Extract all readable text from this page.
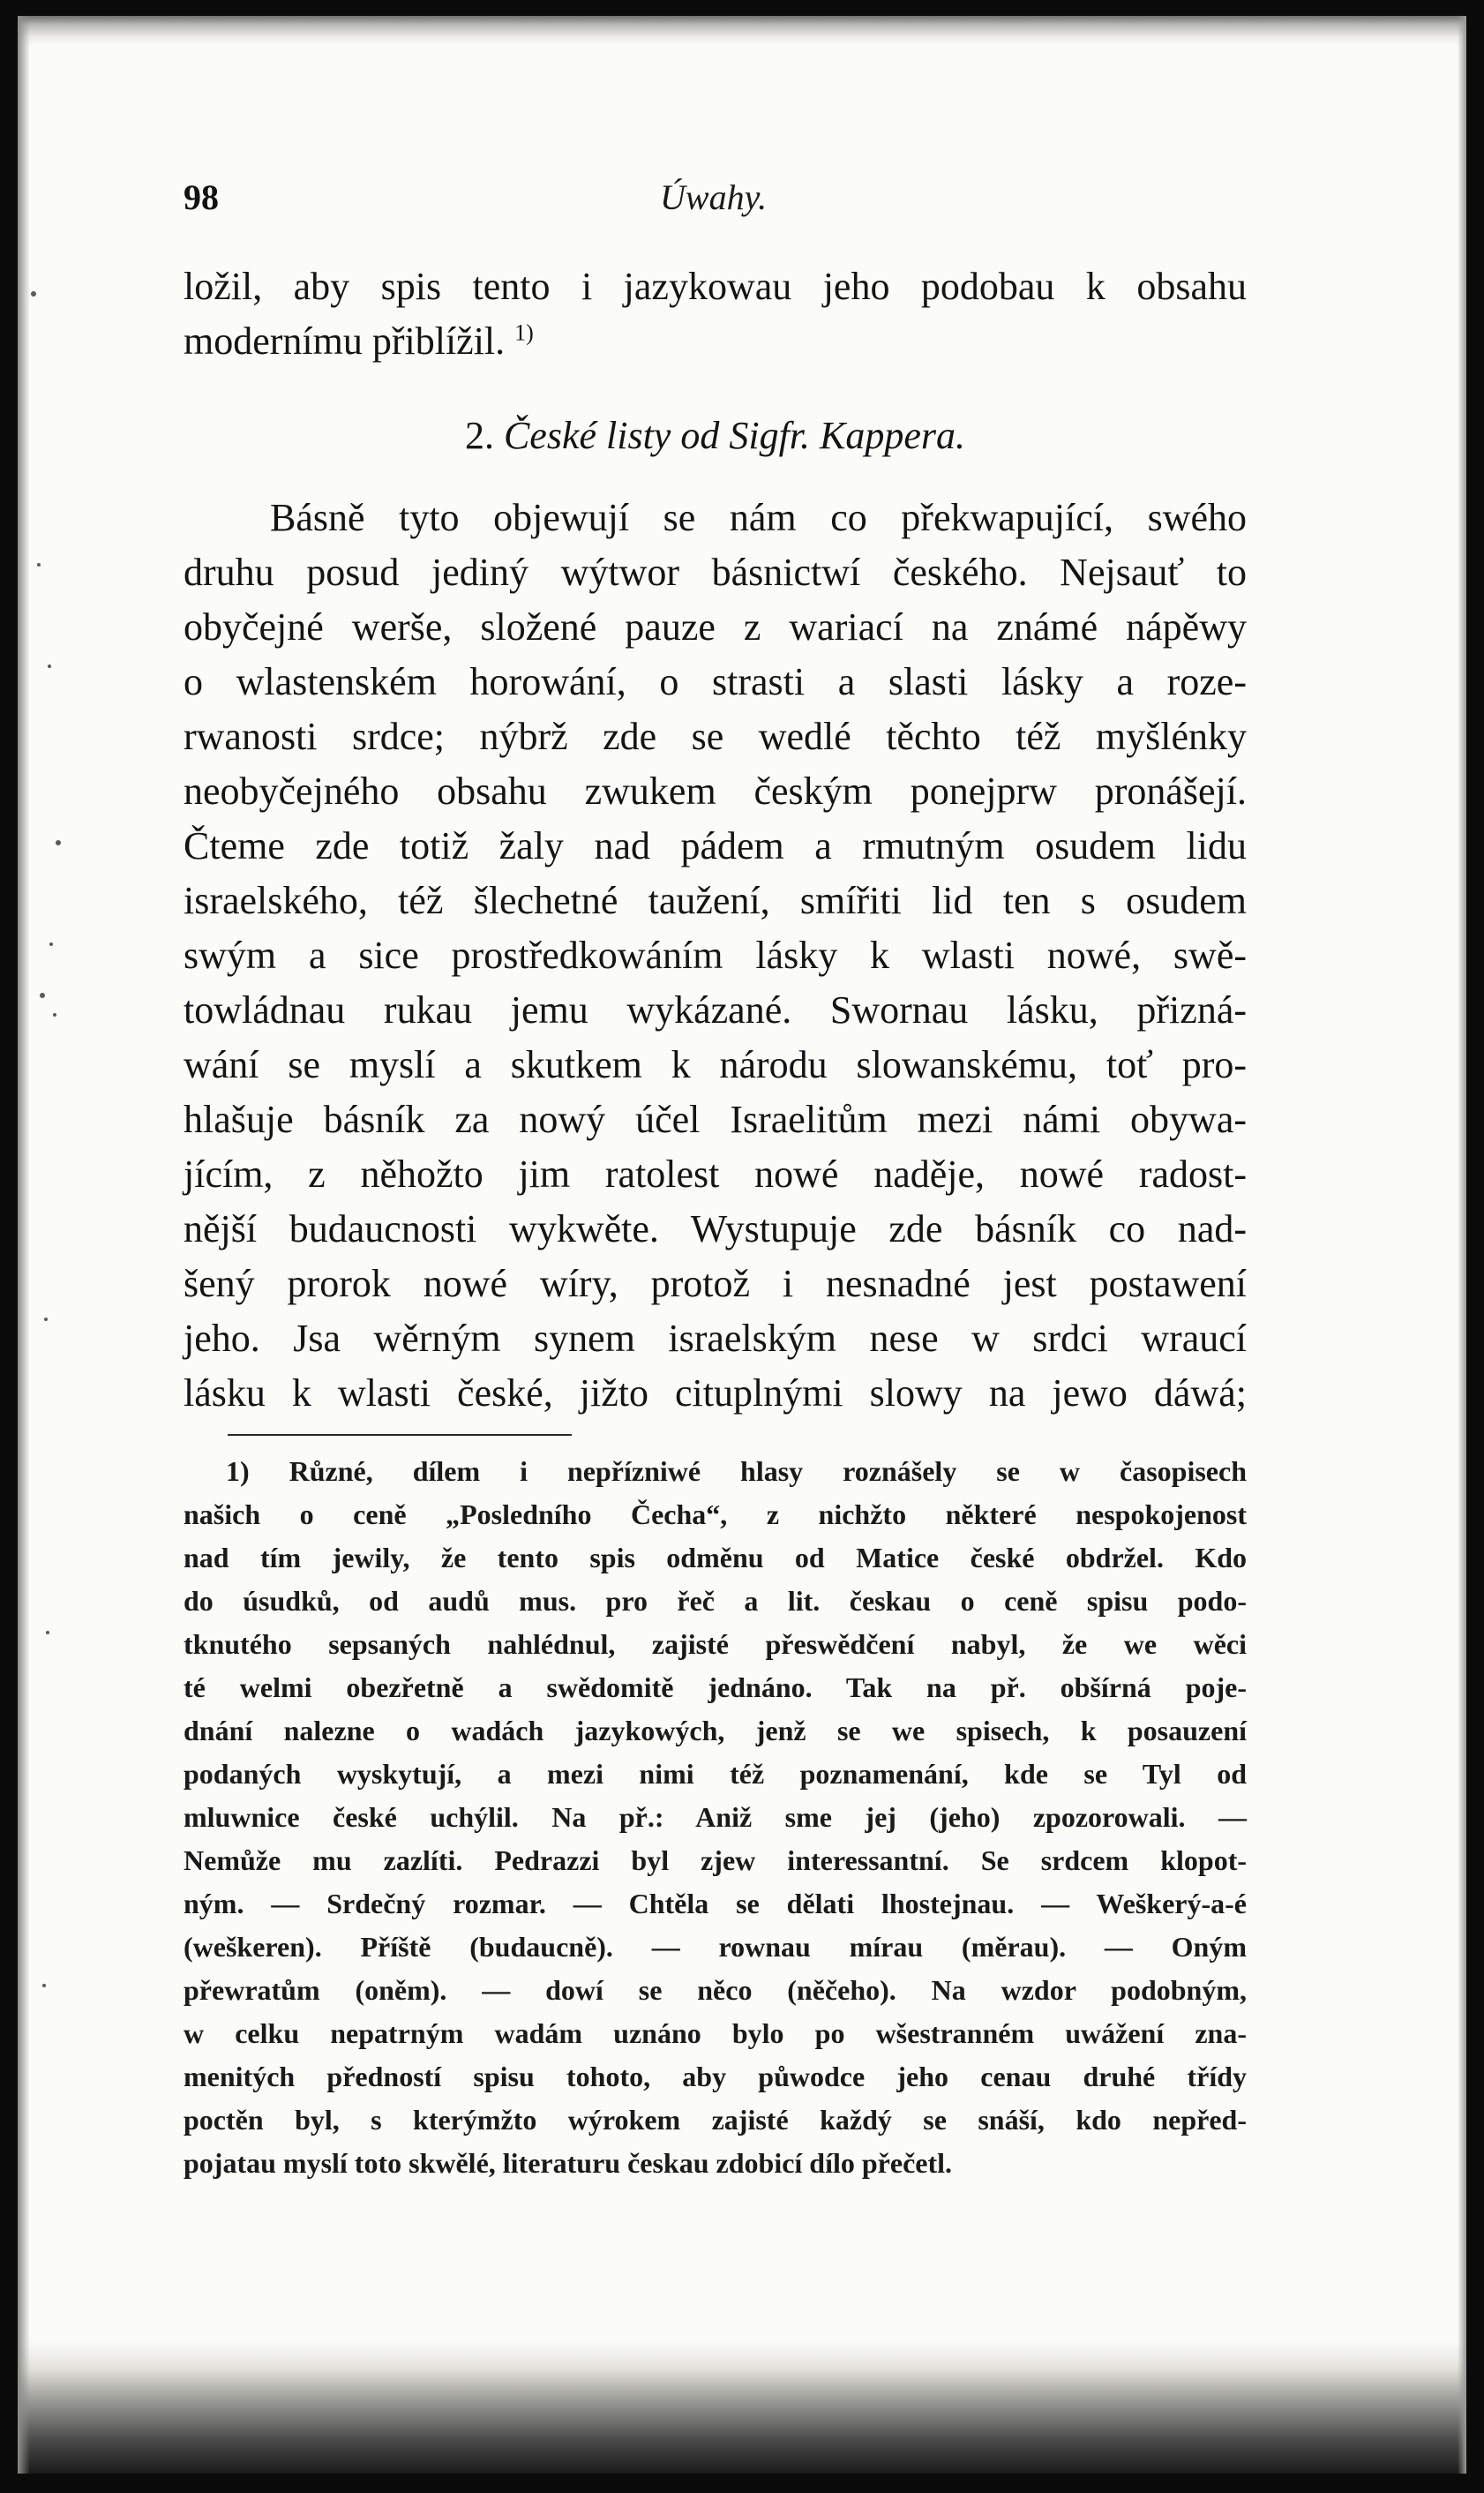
98	Úwahy.
ložil, aby spis tento i jazykowau jeho podobau k obsahu
modernímu přiblížil. $^{1)}$
2. České listy od Sigfr. Kappera.
Básně tyto objewují se nám co překwapující, swého
druhu posud jediný wýtwor básnictwí českého. Nejsauť to
obyčejné werše, složené pauze z wariací na známé nápěwy
o wlastenském horowání, o strasti a slasti lásky a roze-
rwanosti srdce; nýbrž zde se wedlé těchto též myšlénky
neobyčejného obsahu zwukem českým ponejprw pronášejí.
Čteme zde totiž žaly nad pádem a rmutným osudem lidu
israelského, též šlechetné taužení, smířiti lid ten s osudem
swým a sice prostředkowáním lásky k wlasti nowé, swě-
towládnau rukau jemu wykázané. Swornau lásku, přizná-
wání se myslí a skutkem k národu slowanskému, toť pro-
hlašuje básník za nowý účel Israelitům mezi námi obywa-
jícím, z něhožto jim ratolest nowé naděje, nowé radost-
nější budaucnosti wykwěte. Wystupuje zde básník co nad-
šený prorok nowé wíry, protož i nesnadné jest postawení
jeho. Jsa wěrným synem israelským nese w srdci wraucí
lásku k wlasti české, jižto cituplnými slowy na jewo dáwá;
1) Různé, dílem i nepřízniwé hlasy roznášely se w časopisech
našich o ceně „Posledního Čecha“, z nichžto některé nespokojenost
nad tím jewily, že tento spis odměnu od Matice české obdržel. Kdo
do úsudků, od audů mus. pro řeč a lit. českau o ceně spisu podo-
tknutého sepsaných nahlédnul, zajisté přeswědčení nabyl, že we wěci
té welmi obezřetně a swědomitě jednáno. Tak na př. obšírná poje-
dnání nalezne o wadách jazykowých, jenž se we spisech, k posauzení
podaných wyskytují, a mezi nimi též poznamenání, kde se Tyl od
mluwnice české uchýlil. Na př.: Aniž sme jej (jeho) zpozorowali. —
Nemůže mu zazlíti. Pedrazzi byl zjew interessantní. Se srdcem klopot-
ným. — Srdečný rozmar. — Chtěla se dělati lhostejnau. — Weškerý-a-é
(weškeren). Příště (budaucně). — rownau mírau (měrau). — Oným
přewratům (oněm). — dowí se něco (něčeho). Na wzdor podobným,
w celku nepatrným wadám uznáno bylo po wšestranném uwážení zna-
menitých předností spisu tohoto, aby půwodce jeho cenau druhé třídy
poctěn byl, s kterýmžto wýrokem zajisté každý se snáší, kdo nepřed-
pojatau myslí toto skwělé, literaturu českau zdobicí dílo přečetl.
